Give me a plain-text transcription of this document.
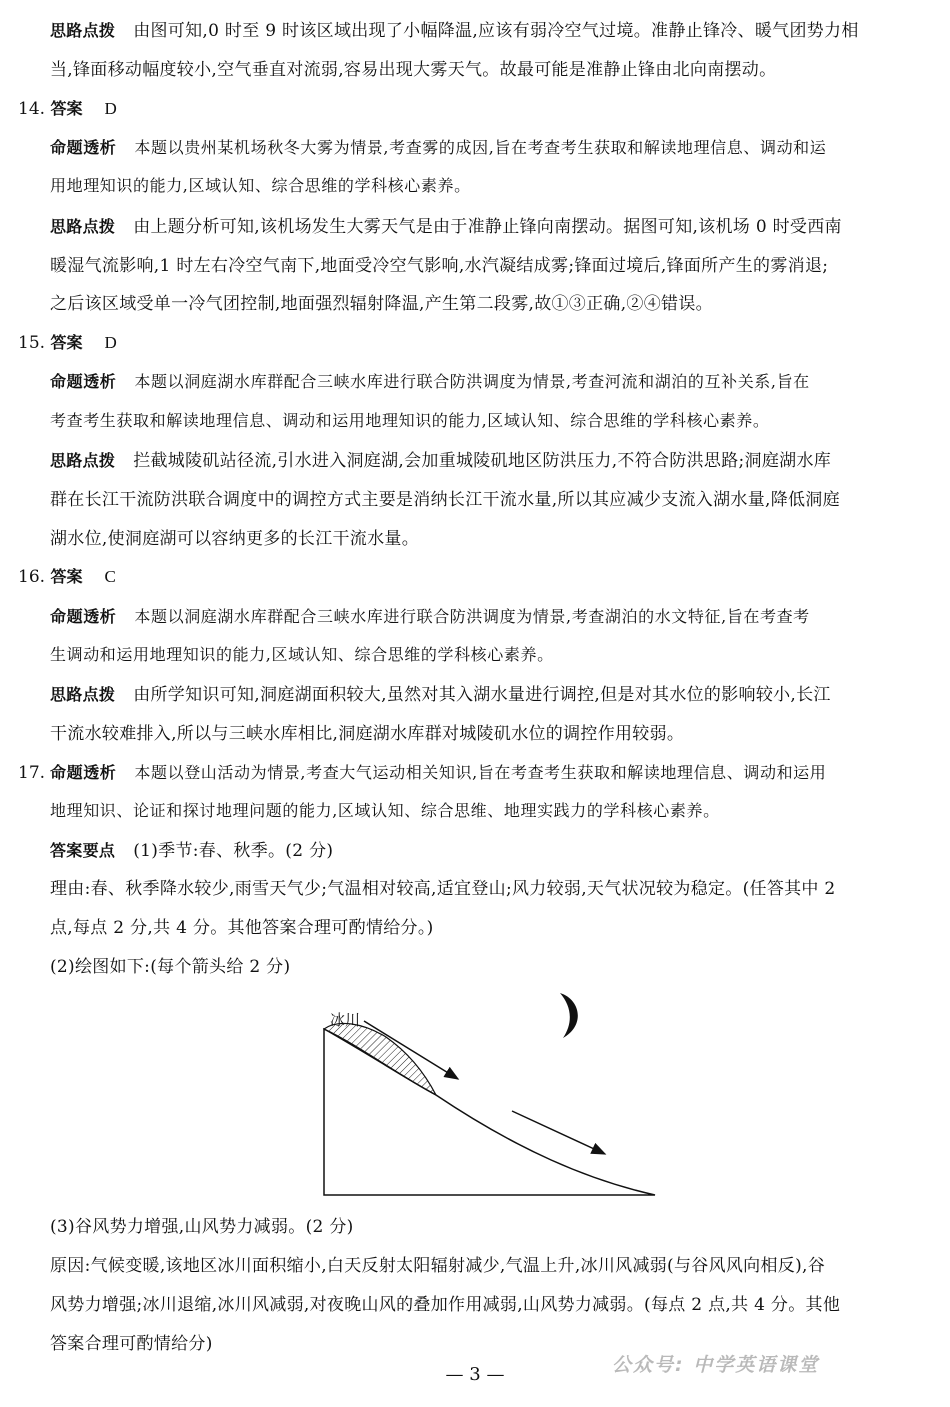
思路点拨 由图可知,0 时至 9 时该区域出现了小幅降温,应该有弱冷空气过境。准静止锋冷、暖气团势力相
当,锋面移动幅度较小,空气垂直对流弱,容易出现大雾天气。故最可能是准静止锋由北向南摆动。
14. 答案 D
命题透析 本题以贵州某机场秋冬大雾为情景,考查雾的成因,旨在考查考生获取和解读地理信息、调动和运
用地理知识的能力,区域认知、综合思维的学科核心素养。
思路点拨 由上题分析可知,该机场发生大雾天气是由于准静止锋向南摆动。据图可知,该机场 0 时受西南
暖湿气流影响,1 时左右冷空气南下,地面受冷空气影响,水汽凝结成雾;锋面过境后,锋面所产生的雾消退;
之后该区域受单一冷气团控制,地面强烈辐射降温,产生第二段雾,故①③正确,②④错误。
15. 答案 D
命题透析 本题以洞庭湖水库群配合三峡水库进行联合防洪调度为情景,考查河流和湖泊的互补关系,旨在
考查考生获取和解读地理信息、调动和运用地理知识的能力,区域认知、综合思维的学科核心素养。
思路点拨 拦截城陵矶站径流,引水进入洞庭湖,会加重城陵矶地区防洪压力,不符合防洪思路;洞庭湖水库
群在长江干流防洪联合调度中的调控方式主要是消纳长江干流水量,所以其应减少支流入湖水量,降低洞庭
湖水位,使洞庭湖可以容纳更多的长江干流水量。
16. 答案 C
命题透析 本题以洞庭湖水库群配合三峡水库进行联合防洪调度为情景,考查湖泊的水文特征,旨在考查考
生调动和运用地理知识的能力,区域认知、综合思维的学科核心素养。
思路点拨 由所学知识可知,洞庭湖面积较大,虽然对其入湖水量进行调控,但是对其水位的影响较小,长江
干流水较难排入,所以与三峡水库相比,洞庭湖水库群对城陵矶水位的调控作用较弱。
17. 命题透析 本题以登山活动为情景,考查大气运动相关知识,旨在考查考生获取和解读地理信息、调动和运用
地理知识、论证和探讨地理问题的能力,区域认知、综合思维、地理实践力的学科核心素养。
答案要点 (1)季节:春、秋季。(2 分)
理由:春、秋季降水较少,雨雪天气少;气温相对较高,适宜登山;风力较弱,天气状况较为稳定。(任答其中 2
点,每点 2 分,共 4 分。其他答案合理可酌情给分。)
(2)绘图如下:(每个箭头给 2 分)
冰川
(3)谷风势力增强,山风势力减弱。(2 分)
原因:气候变暖,该地区冰川面积缩小,白天反射太阳辐射减少,气温上升,冰川风减弱(与谷风风向相反),谷
风势力增强;冰川退缩,冰川风减弱,对夜晚山风的叠加作用减弱,山风势力减弱。(每点 2 点,共 4 分。其他
答案合理可酌情给分)
— 3 —	公众号: 中学英语课堂
